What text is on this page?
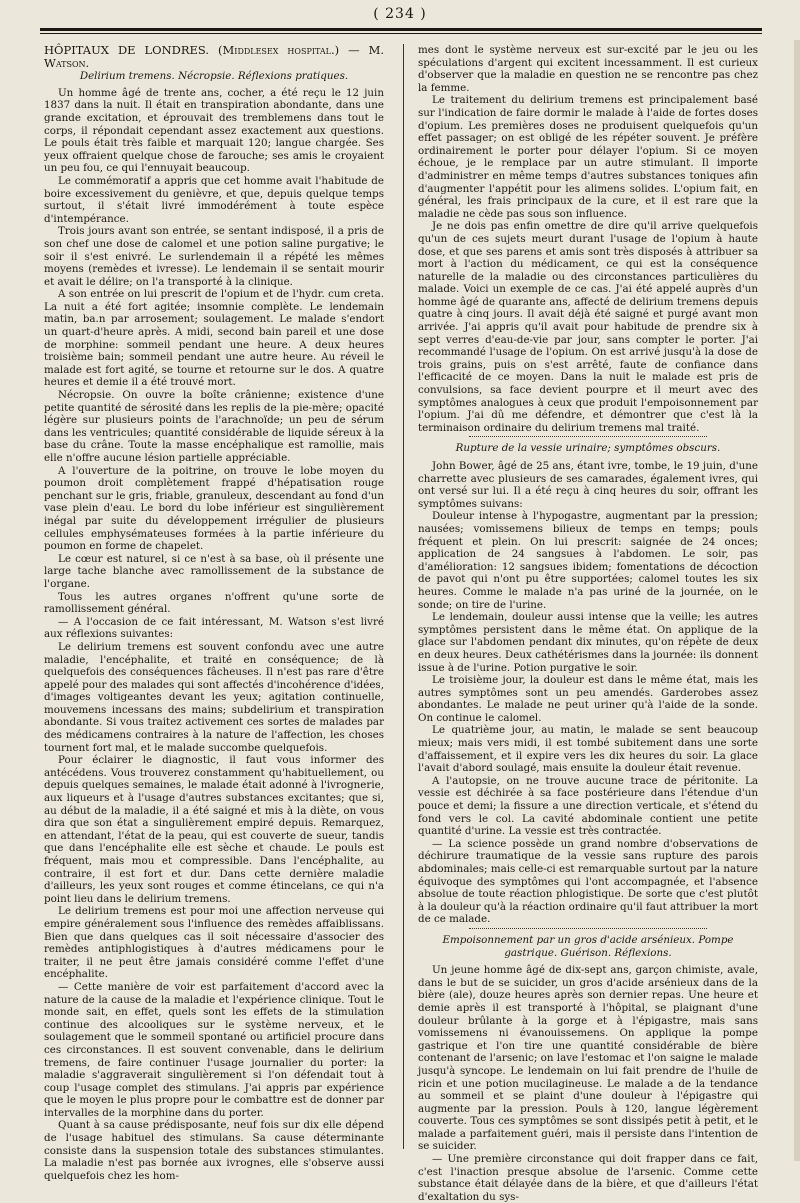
( 234 )

HÔPITAUX DE LONDRES. (Middlesex hospital.) — M. Watson.

Delirium tremens. Nécropsie. Réflexions pratiques.

Un homme âgé de trente ans, cocher, a été reçu le 12 juin 1837 dans la nuit. Il était en transpiration abondante, dans une grande excitation, et éprouvait des tremblemens dans tout le corps, il répondait cependant assez exactement aux questions. Le pouls était très faible et marquait 120; langue chargée. Ses yeux offraient quelque chose de farouche; ses amis le croyaient un peu fou, ce qui l'ennuyait beaucoup.

Le commémoratif a appris que cet homme avait l'habitude de boire excessivement du genièvre, et que, depuis quelque temps surtout, il s'était livré immodérément à toute espèce d'intempérance.

Trois jours avant son entrée, se sentant indisposé, il a pris de son chef une dose de calomel et une potion saline purgative; le soir il s'est enivré. Le surlendemain il a répété les mêmes moyens (remèdes et ivresse). Le lendemain il se sentait mourir et avait le délire; on l'a transporté à la clinique.

A son entrée on lui prescrit de l'opium et de l'hydr. cum creta. La nuit a été fort agitée; insomnie complète. Le lendemain matin, ba.n par arrosement; soulagement. Le malade s'endort un quart-d'heure après. A midi, second bain pareil et une dose de morphine: sommeil pendant une heure. A deux heures troisième bain; sommeil pendant une autre heure. Au réveil le malade est fort agité, se tourne et retourne sur le dos. A quatre heures et demie il a été trouvé mort.

Nécropsie. On ouvre la boîte crânienne; existence d'une petite quantité de sérosité dans les replis de la pie-mère; opacité légère sur plusieurs points de l'arachnoïde; un peu de sérum dans les ventricules; quantité considérable de liquide séreux à la base du crâne. Toute la masse encéphalique est ramollie, mais elle n'offre aucune lésion partielle appréciable.

A l'ouverture de la poitrine, on trouve le lobe moyen du poumon droit complètement frappé d'hépatisation rouge penchant sur le gris, friable, granuleux, descendant au fond d'un vase plein d'eau. Le bord du lobe inférieur est singulièrement inégal par suite du développement irrégulier de plusieurs cellules emphysémateuses formées à la partie inférieure du poumon en forme de chapelet.

Le cœur est naturel, si ce n'est à sa base, où il présente une large tache blanche avec ramollissement de la substance de l'organe.

Tous les autres organes n'offrent qu'une sorte de ramollissement général.

— A l'occasion de ce fait intéressant, M. Watson s'est livré aux réflexions suivantes:

Le delirium tremens est souvent confondu avec une autre maladie, l'encéphalite, et traité en conséquence; de là quelquefois des conséquences fâcheuses. Il n'est pas rare d'être appelé pour des malades qui sont affectés d'incohérence d'idées, d'images voltigeantes devant les yeux; agitation continuelle, mouvemens incessans des mains; subdelirium et transpiration abondante. Si vous traitez activement ces sortes de malades par des médicamens contraires à la nature de l'affection, les choses tournent fort mal, et le malade succombe quelquefois.

Pour éclairer le diagnostic, il faut vous informer des antécédens. Vous trouverez constamment qu'habituellement, ou depuis quelques semaines, le malade était adonné à l'ivrognerie, aux liqueurs et à l'usage d'autres substances excitantes; que si, au début de la maladie, il a été saigné et mis à la diète, on vous dira que son état a singulièrement empiré depuis. Remarquez, en attendant, l'état de la peau, qui est couverte de sueur, tandis que dans l'encéphalite elle est sèche et chaude. Le pouls est fréquent, mais mou et compressible. Dans l'encéphalite, au contraire, il est fort et dur. Dans cette dernière maladie d'ailleurs, les yeux sont rouges et comme étincelans, ce qui n'a point lieu dans le delirium tremens.

Le delirium tremens est pour moi une affection nerveuse qui empire généralement sous l'influence des remèdes affaiblissans. Bien que dans quelques cas il soit nécessaire d'associer des remèdes antiphlogistiques à d'autres médicamens pour le traiter, il ne peut être jamais considéré comme l'effet d'une encéphalite.

— Cette manière de voir est parfaitement d'accord avec la nature de la cause de la maladie et l'expérience clinique. Tout le monde sait, en effet, quels sont les effets de la stimulation continue des alcooliques sur le système nerveux, et le soulagement que le sommeil spontané ou artificiel procure dans ces circonstances. Il est souvent convenable, dans le delirium tremens, de faire continuer l'usage journalier du porter: la maladie s'aggraverait singulièrement si l'on défendait tout à coup l'usage complet des stimulans. J'ai appris par expérience que le moyen le plus propre pour le combattre est de donner par intervalles de la morphine dans du porter.

Quant à sa cause prédisposante, neuf fois sur dix elle dépend de l'usage habituel des stimulans. Sa cause déterminante consiste dans la suspension totale des substances stimulantes. La maladie n'est pas bornée aux ivrognes, elle s'observe aussi quelquefois chez les hom-

mes dont le système nerveux est sur-excité par le jeu ou les spéculations d'argent qui excitent incessamment. Il est curieux d'observer que la maladie en question ne se rencontre pas chez la femme.

Le traitement du delirium tremens est principalement basé sur l'indication de faire dormir le malade à l'aide de fortes doses d'opium. Les premières doses ne produisent quelquefois qu'un effet passager; on est obligé de les répéter souvent. Je préfère ordinairement le porter pour délayer l'opium. Si ce moyen échoue, je le remplace par un autre stimulant. Il importe d'administrer en même temps d'autres substances toniques afin d'augmenter l'appétit pour les alimens solides. L'opium fait, en général, les frais principaux de la cure, et il est rare que la maladie ne cède pas sous son influence.

Je ne dois pas enfin omettre de dire qu'il arrive quelquefois qu'un de ces sujets meurt durant l'usage de l'opium à haute dose, et que ses parens et amis sont très disposés à attribuer sa mort à l'action du médicament, ce qui est la conséquence naturelle de la maladie ou des circonstances particulières du malade. Voici un exemple de ce cas. J'ai été appelé auprès d'un homme âgé de quarante ans, affecté de delirium tremens depuis quatre à cinq jours. Il avait déjà été saigné et purgé avant mon arrivée. J'ai appris qu'il avait pour habitude de prendre six à sept verres d'eau-de-vie par jour, sans compter le porter. J'ai recommandé l'usage de l'opium. On est arrivé jusqu'à la dose de trois grains, puis on s'est arrêté, faute de confiance dans l'efficacité de ce moyen. Dans la nuit le malade est pris de convulsions, sa face devient pourpre et il meurt avec des symptômes analogues à ceux que produit l'empoisonnement par l'opium. J'ai dû me défendre, et démontrer que c'est là la terminaison ordinaire du delirium tremens mal traité.

Rupture de la vessie urinaire; symptômes obscurs.

John Bower, âgé de 25 ans, étant ivre, tombe, le 19 juin, d'une charrette avec plusieurs de ses camarades, également ivres, qui ont versé sur lui. Il a été reçu à cinq heures du soir, offrant les symptômes suivans:

Douleur intense à l'hypogastre, augmentant par la pression; nausées; vomissemens bilieux de temps en temps; pouls fréquent et plein. On lui prescrit: saignée de 24 onces; application de 24 sangsues à l'abdomen. Le soir, pas d'amélioration: 12 sangsues ibidem; fomentations de décoction de pavot qui n'ont pu être supportées; calomel toutes les six heures. Comme le malade n'a pas uriné de la journée, on le sonde; on tire de l'urine.

Le lendemain, douleur aussi intense que la veille; les autres symptômes persistent dans le même état. On applique de la glace sur l'abdomen pendant dix minutes, qu'on répète de deux en deux heures. Deux cathétérismes dans la journée: ils donnent issue à de l'urine. Potion purgative le soir.

Le troisième jour, la douleur est dans le même état, mais les autres symptômes sont un peu amendés. Garderobes assez abondantes. Le malade ne peut uriner qu'à l'aide de la sonde. On continue le calomel.

Le quatrième jour, au matin, le malade se sent beaucoup mieux; mais vers midi, il est tombé subitement dans une sorte d'affaissement, et il expire vers les dix heures du soir. La glace l'avait d'abord soulagé, mais ensuite la douleur était revenue.

A l'autopsie, on ne trouve aucune trace de péritonite. La vessie est déchirée à sa face postérieure dans l'étendue d'un pouce et demi; la fissure a une direction verticale, et s'étend du fond vers le col. La cavité abdominale contient une petite quantité d'urine. La vessie est très contractée.

— La science possède un grand nombre d'observations de déchirure traumatique de la vessie sans rupture des parois abdominales; mais celle-ci est remarquable surtout par la nature équivoque des symptômes qui l'ont accompagnée, et l'absence absolue de toute réaction phlogistique. De sorte que c'est plutôt à la douleur qu'à la réaction ordinaire qu'il faut attribuer la mort de ce malade.

Empoisonnement par un gros d'acide arsénieux. Pompe gastrique. Guérison. Réflexions.

Un jeune homme âgé de dix-sept ans, garçon chimiste, avale, dans le but de se suicider, un gros d'acide arsénieux dans de la bière (ale), douze heures après son dernier repas. Une heure et demie après il est transporté à l'hôpital, se plaignant d'une douleur brûlante à la gorge et à l'épigastre, mais sans vomissemens ni évanouissemens. On applique la pompe gastrique et l'on tire une quantité considérable de bière contenant de l'arsenic; on lave l'estomac et l'on saigne le malade jusqu'à syncope. Le lendemain on lui fait prendre de l'huile de ricin et une potion mucilagineuse. Le malade a de la tendance au sommeil et se plaint d'une douleur à l'épigastre qui augmente par la pression. Pouls à 120, langue légèrement couverte. Tous ces symptômes se sont dissipés petit à petit, et le malade a parfaitement guéri, mais il persiste dans l'intention de se suicider.

— Une première circonstance qui doit frapper dans ce fait, c'est l'inaction presque absolue de l'arsenic. Comme cette substance était délayée dans de la bière, et que d'ailleurs l'état d'exaltation du sys-
